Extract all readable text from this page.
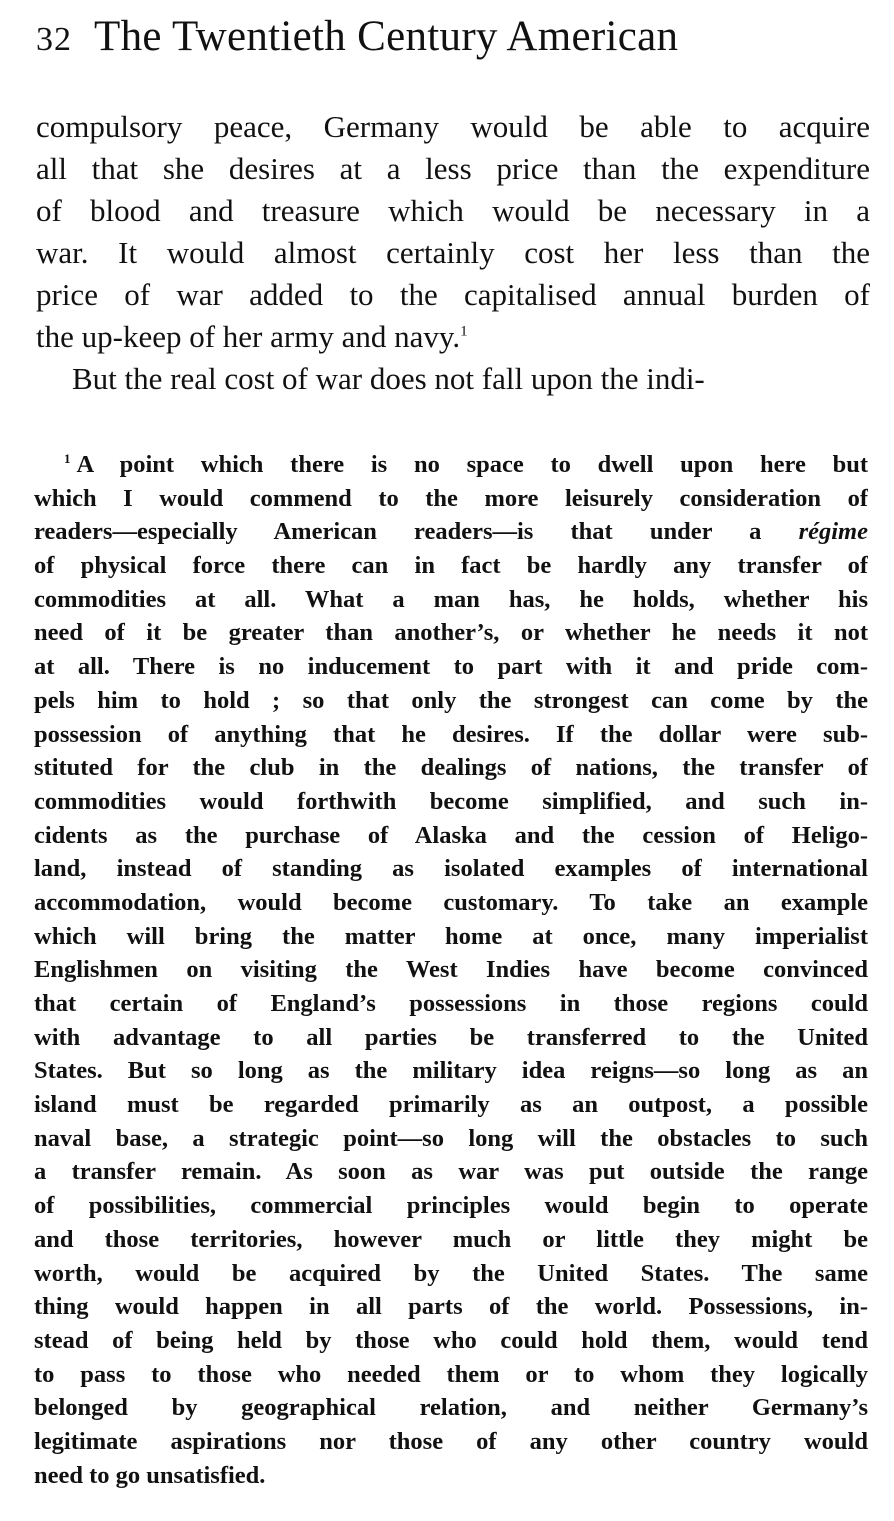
32 The Twentieth Century American
compulsory peace, Germany would be able to acquire
all that she desires at a less price than the expenditure
of blood and treasure which would be necessary in a
war. It would almost certainly cost her less than the
price of war added to the capitalised annual burden of
the up-keep of her army and navy.$^1$
But the real cost of war does not fall upon the indi-
$^1$ A point which there is no space to dwell upon here but
which I would commend to the more leisurely consideration of
readers—especially American readers—is that under a régime
of physical force there can in fact be hardly any transfer of
commodities at all. What a man has, he holds, whether his
need of it be greater than another’s, or whether he needs it not
at all. There is no inducement to part with it and pride com-
pels him to hold ; so that only the strongest can come by the
possession of anything that he desires. If the dollar were sub-
stituted for the club in the dealings of nations, the transfer of
commodities would forthwith become simplified, and such in-
cidents as the purchase of Alaska and the cession of Heligo-
land, instead of standing as isolated examples of international
accommodation, would become customary. To take an example
which will bring the matter home at once, many imperialist
Englishmen on visiting the West Indies have become convinced
that certain of England’s possessions in those regions could
with advantage to all parties be transferred to the United
States. But so long as the military idea reigns—so long as an
island must be regarded primarily as an outpost, a possible
naval base, a strategic point—so long will the obstacles to such
a transfer remain. As soon as war was put outside the range
of possibilities, commercial principles would begin to operate
and those territories, however much or little they might be
worth, would be acquired by the United States. The same
thing would happen in all parts of the world. Possessions, in-
stead of being held by those who could hold them, would tend
to pass to those who needed them or to whom they logically
belonged by geographical relation, and neither Germany’s
legitimate aspirations nor those of any other country would
need to go unsatisfied.
